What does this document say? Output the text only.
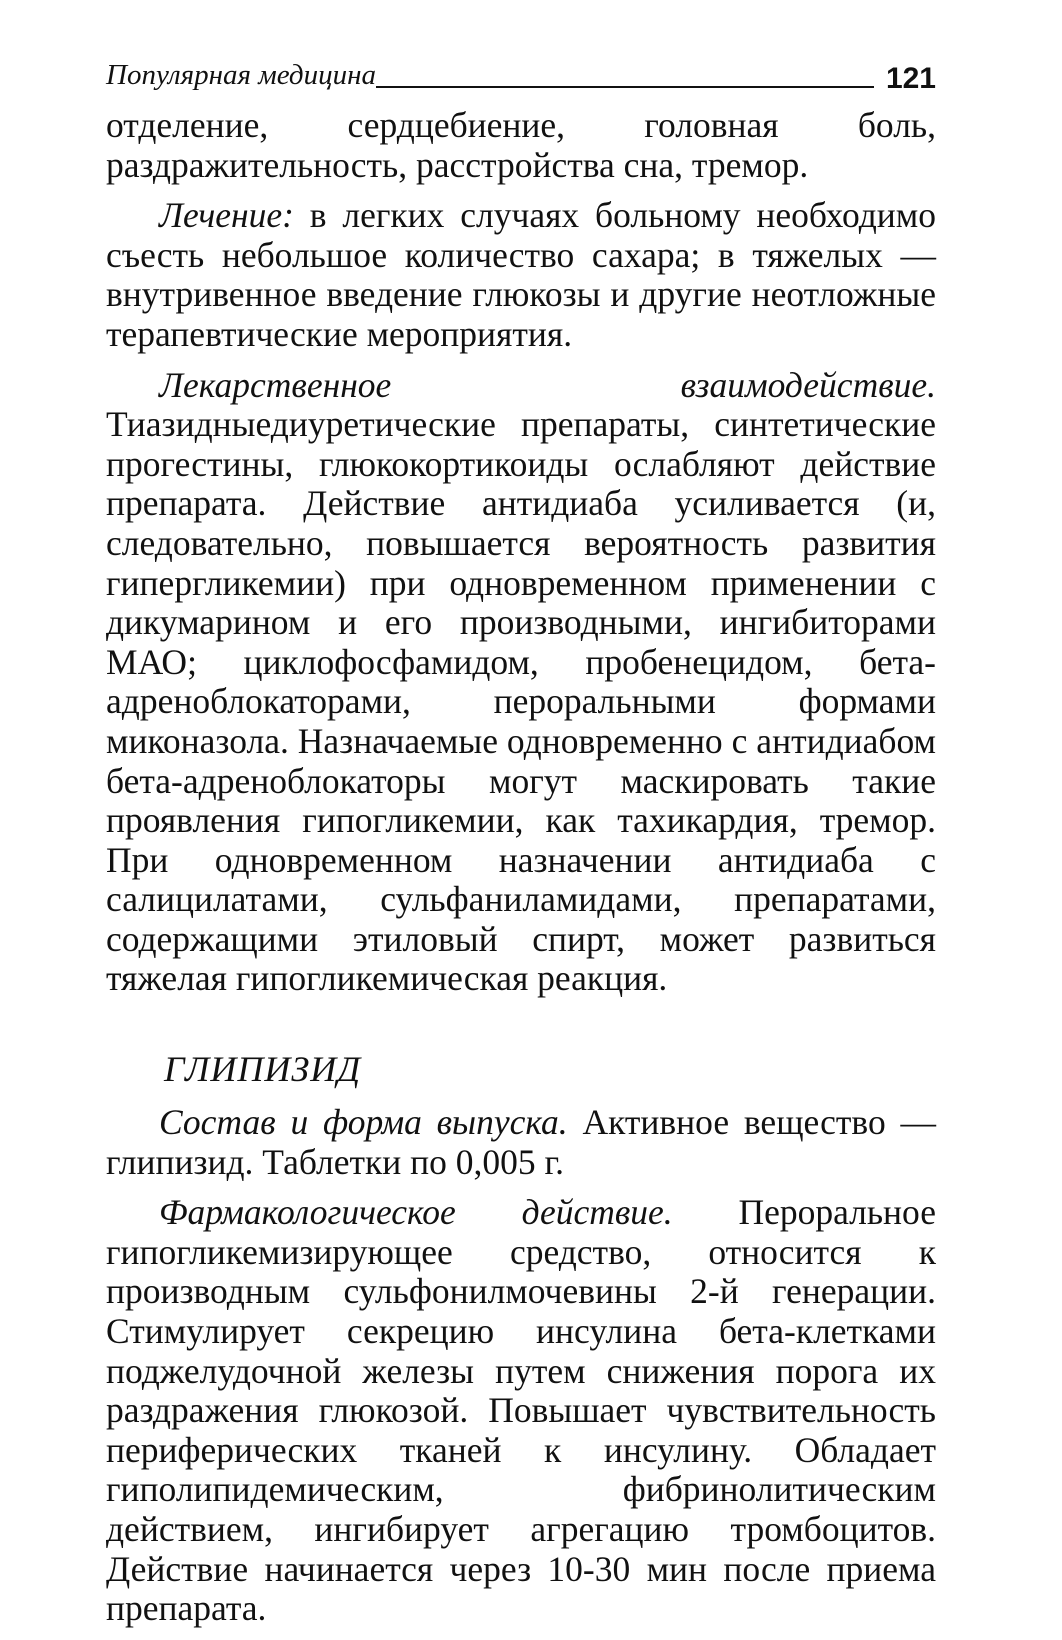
Популярная медицина	121

отделение, сердцебиение, головная боль, раздражительность, расстройства сна, тремор.

Лечение: в легких случаях больному необходимо съесть небольшое количество сахара; в тяжелых — внутривенное введение глюкозы и другие неотложные терапевтические мероприятия.

Лекарственное взаимодействие. Тиазидныедиуретические препараты, синтетические прогестины, глюкокортикоиды ослабляют действие препарата. Действие антидиаба усиливается (и, следовательно, повышается вероятность развития гипергликемии) при одновременном применении с дикумарином и его производными, ингибиторами МАО; циклофосфамидом, пробенецидом, бета-адреноблокаторами, пероральными формами миконазола. Назначаемые одновременно с антидиабом бета-адреноблокаторы могут маскировать такие проявления гипогликемии, как тахикардия, тремор. При одновременном назначении антидиаба с салицилатами, сульфаниламидами, препаратами, содержащими этиловый спирт, может развиться тяжелая гипогликемическая реакция.

ГЛИПИЗИД

Состав и форма выпуска. Активное вещество — глипизид. Таблетки по 0,005 г.

Фармакологическое действие. Пероральное гипогликемизирующее средство, относится к производным сульфонилмочевины 2-й генерации. Стимулирует секрецию инсулина бета-клетками поджелудочной железы путем снижения порога их раздражения глюкозой. Повышает чувствительность периферических тканей к инсулину. Обладает гиполипидемическим, фибринолитическим действием, ингибирует агрегацию тромбоцитов. Действие начинается через 10-30 мин после приема препарата.
